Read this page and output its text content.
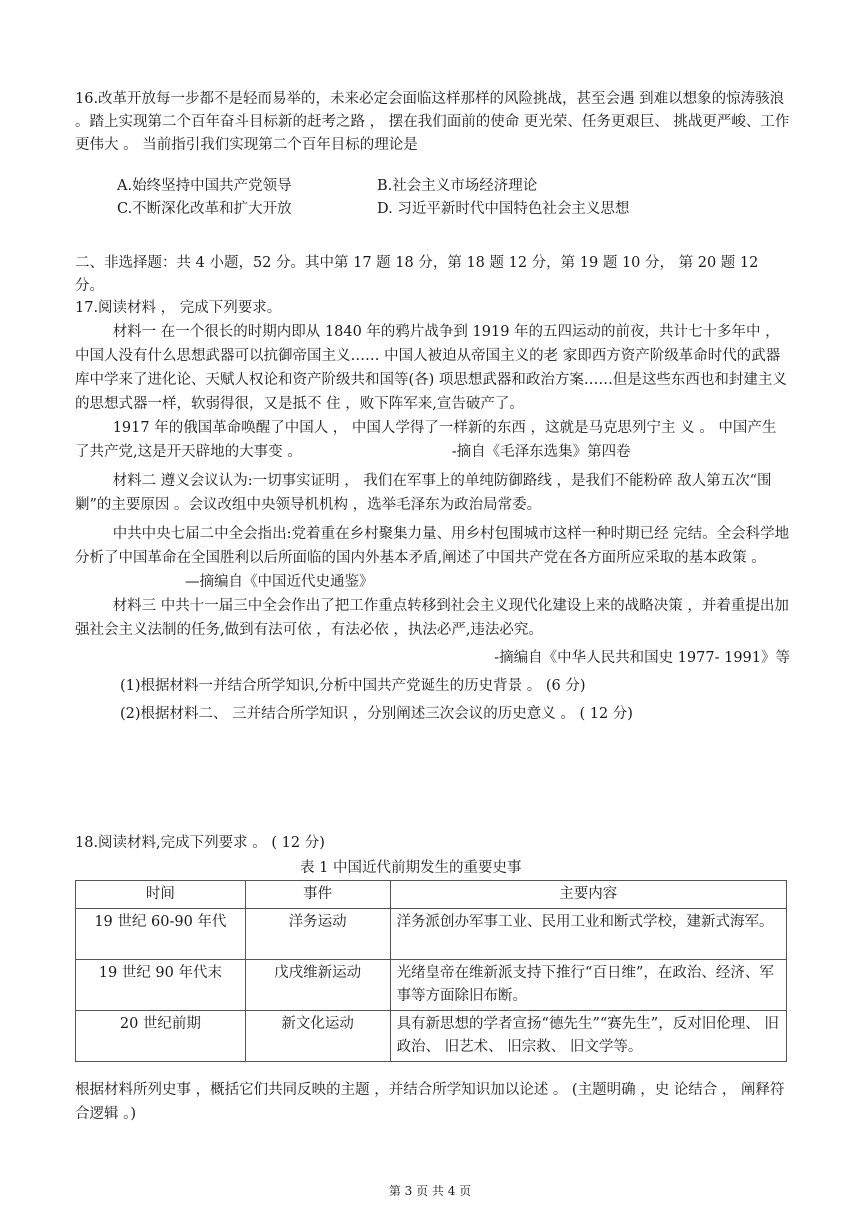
16.改革开放每一步都不是轻而易举的，未来必定会面临这样那样的风险挑战，甚至会遇 到难以想象的惊涛骇浪 。踏上实现第二个百年奋斗目标新的赶考之路 ， 摆在我们面前的使命 更光荣、任务更艰巨、 挑战更严峻、工作更伟大 。 当前指引我们实现第二个百年目标的理论是
A.始终坚持中国共产党领导	B.社会主义市场经济理论
C.不断深化改革和扩大开放	D. 习近平新时代中国特色社会主义思想
二、非选择题：共 4 小题，52 分。其中第 17 题 18 分，第 18 题 12 分，第 19 题 10 分， 第 20 题 12 分。

17.阅读材料 ， 完成下列要求。

材料一 在一个很长的时期内即从 1840 年的鸦片战争到 1919 年的五四运动的前夜，共计七十多年中 ， 中国人没有什么思想武器可以抗御帝国主义…… 中国人被迫从帝国主义的老 家即西方资产阶级革命时代的武器库中学来了进化论、天赋人权论和资产阶级共和国等(各) 项思想武器和政治方案……但是这些东西也和封建主义的思想式器一样，软弱得很，又是抵不 住 ，败下阵军来,宣告破产了。

1917 年的俄国革命唤醒了中国人 ， 中国人学得了一样新的东西 ，这就是马克思列宁主 义 。 中国产生了共产党,这是开天辟地的大事变 。	-摘自《毛泽东选集》第四卷

材料二 遵义会议认为:一切事实证明 ， 我们在军事上的单纯防御路线 ，是我们不能粉碎 敌人第五次“围剿”的主要原因 。会议改组中央领导机机构 ，选举毛泽东为政治局常委。

中共中央七届二中全会指出:党着重在乡村聚集力量、用乡村包围城市这样一种时期已经 完结。全会科学地分析了中国革命在全国胜利以后所面临的国内外基本矛盾,阐述了中国共产党在各方面所应采取的基本政策 。—摘编自《中国近代史通鉴》

材料三 中共十一届三中全会作出了把工作重点转移到社会主义现代化建设上来的战略决策 ，并着重提出加强社会主义法制的任务,做到有法可依 ，有法必依 ，执法必严,违法必究。

-摘编自《中华人民共和国史 1977- 1991》等

(1)根据材料一并结合所学知识,分析中国共产党诞生的历史背景 。 (6 分)

(2)根据材料二、 三并结合所学知识 ，分别阐述三次会议的历史意义 。 ( 12 分)

18.阅读材料,完成下列要求 。 ( 12 分)
表 1 中国近代前期发生的重要史事
时间	事件	主要内容
19 世纪 60-90 年代	洋务运动	洋务派创办军事工业、民用工业和断式学校，建新式海军。
19 世纪 90 年代末	戊戌维新运动	光绪皇帝在维新派支持下推行“百日维”，在政治、经济、军事等方面除旧布断。
20 世纪前期	新文化运动	具有新思想的学者宣扬“德先生”“赛先生”，反对旧伦理、 旧政治、 旧艺术、 旧宗救、 旧文学等。
根据材料所列史事 ，概括它们共同反映的主题 ，并结合所学知识加以论述 。 (主题明确 ，史 论结合 ， 阐释符合逻辑 。)
第 3 页 共 4 页
